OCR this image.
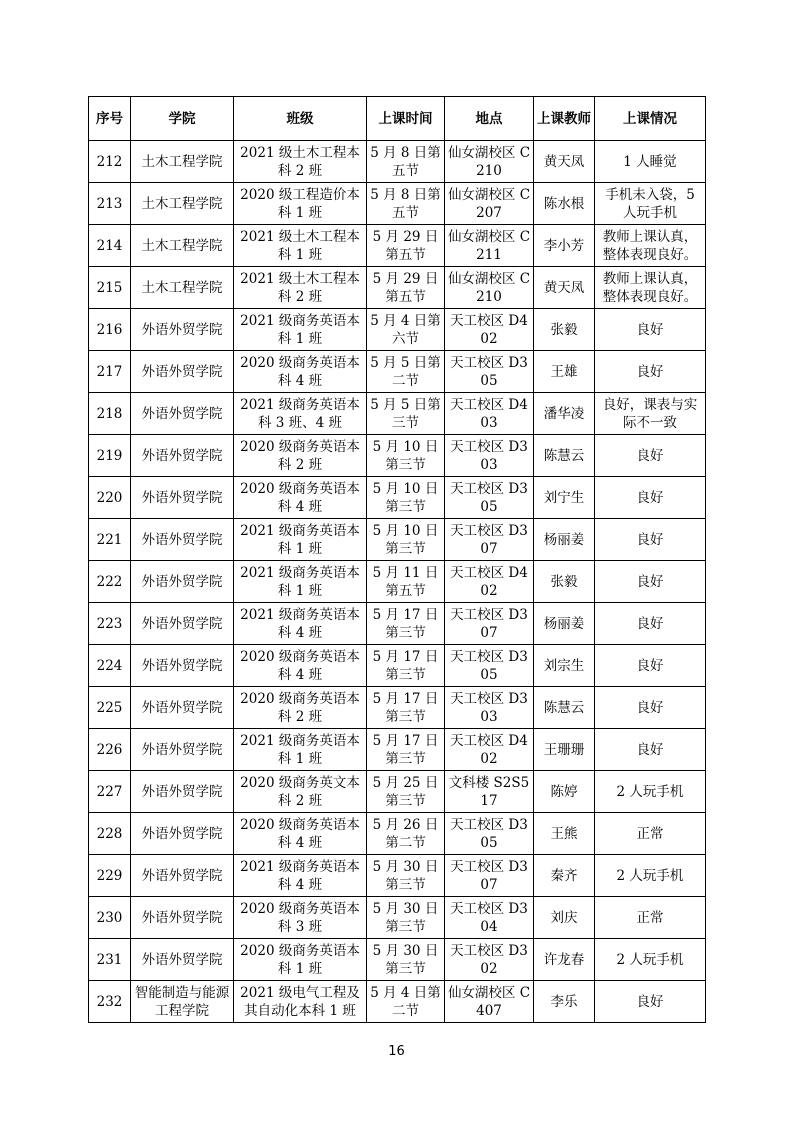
序号	学院	班级	上课时间	地点	上课教师	上课情况
212	土木工程学院	2021 级土木工程本科 2 班	5 月 8 日第五节	仙女湖校区 C210	黄天凤	1 人睡觉
213	土木工程学院	2020 级工程造价本科 1 班	5 月 8 日第五节	仙女湖校区 C207	陈水根	手机未入袋，5 人玩手机
214	土木工程学院	2021 级土木工程本科 1 班	5 月 29 日第五节	仙女湖校区 C211	李小芳	教师上课认真，整体表现良好。
215	土木工程学院	2021 级土木工程本科 2 班	5 月 29 日第五节	仙女湖校区 C210	黄天凤	教师上课认真，整体表现良好。
216	外语外贸学院	2021 级商务英语本科 1 班	5 月 4 日第六节	天工校区 D402	张毅	良好
217	外语外贸学院	2020 级商务英语本科 4 班	5 月 5 日第二节	天工校区 D305	王雄	良好
218	外语外贸学院	2021 级商务英语本科 3 班、4 班	5 月 5 日第三节	天工校区 D403	潘华凌	良好，课表与实际不一致
219	外语外贸学院	2020 级商务英语本科 2 班	5 月 10 日第三节	天工校区 D303	陈慧云	良好
220	外语外贸学院	2020 级商务英语本科 4 班	5 月 10 日第三节	天工校区 D305	刘宁生	良好
221	外语外贸学院	2021 级商务英语本科 1 班	5 月 10 日第三节	天工校区 D307	杨丽姜	良好
222	外语外贸学院	2021 级商务英语本科 1 班	5 月 11 日第五节	天工校区 D402	张毅	良好
223	外语外贸学院	2021 级商务英语本科 4 班	5 月 17 日第三节	天工校区 D307	杨丽姜	良好
224	外语外贸学院	2020 级商务英语本科 4 班	5 月 17 日第三节	天工校区 D305	刘宗生	良好
225	外语外贸学院	2020 级商务英语本科 2 班	5 月 17 日第三节	天工校区 D303	陈慧云	良好
226	外语外贸学院	2021 级商务英语本科 1 班	5 月 17 日第三节	天工校区 D402	王珊珊	良好
227	外语外贸学院	2020 级商务英文本科 2 班	5 月 25 日第三节	文科楼 S2S517	陈婷	2 人玩手机
228	外语外贸学院	2020 级商务英语本科 4 班	5 月 26 日第二节	天工校区 D305	王熊	正常
229	外语外贸学院	2021 级商务英语本科 4 班	5 月 30 日第三节	天工校区 D307	秦齐	2 人玩手机
230	外语外贸学院	2020 级商务英语本科 3 班	5 月 30 日第三节	天工校区 D304	刘庆	正常
231	外语外贸学院	2020 级商务英语本科 1 班	5 月 30 日第三节	天工校区 D302	许龙春	2 人玩手机
232	智能制造与能源工程学院	2021 级电气工程及其自动化本科 1 班	5 月 4 日第二节	仙女湖校区 C407	李乐	良好
16
